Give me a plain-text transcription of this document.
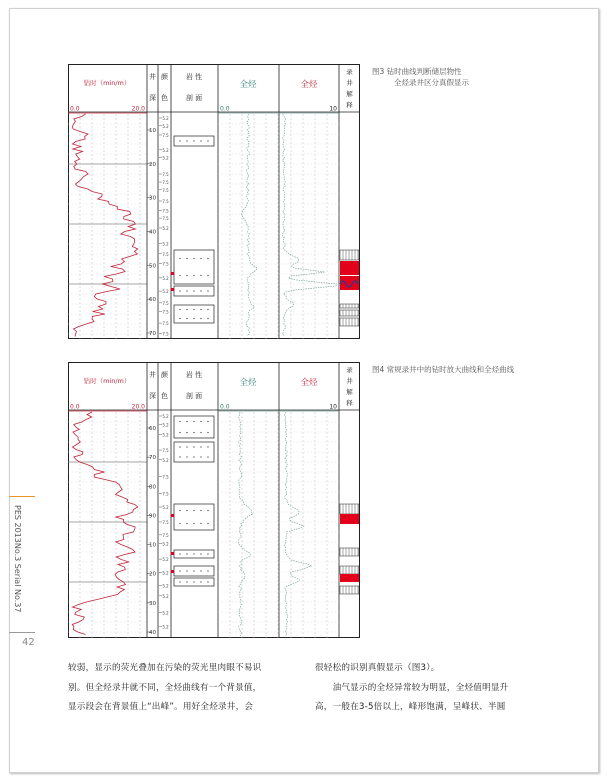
钻时（min/m）
井
深
颜
色
岩 性
剖 面
全烃	全烃
录
井
解
释
0.0	20.0	0.0	10
10
20
30
40
50
60
70
5.2
5.2
7.5
5.2
5.2
7.5
7.5
7.5
7.5
7.5
7.5
5.2
5.2
7.5
7.5
5.2
5.2
7.5
7.5
7.5
7.5
图3 钻时曲线判断储层物性
全烃录井区分真假显示
钻时（min/m）
井
深
颜
色
岩 性
剖 面
全烃	全烃
录
井
解
释
0.0	20.0	0.0	10
60
70
80
90
10
20
30
40
5.2
5.2
5.2
7.5
5.2
7.5
7.5
5.2
7.5
7.5
5.2
5.2
5.2
5.2
5.2
5.2
5.2
图4 常规录井中的钻时放大曲线和全烃曲线
PES 2013No.3 Serial No.37
42
较弱，显示的荧光叠加在污染的荧光里肉眼不易识
别。但全烃录井就不同，全烃曲线有一个背景值，
显示段会在背景值上“出峰”。用好全烃录井，会
很轻松的识别真假显示（图3）。
　　油气显示的全烃异常较为明显，全烃值明显升
高，一般在3-5倍以上，峰形饱满，呈峰状、半圆
